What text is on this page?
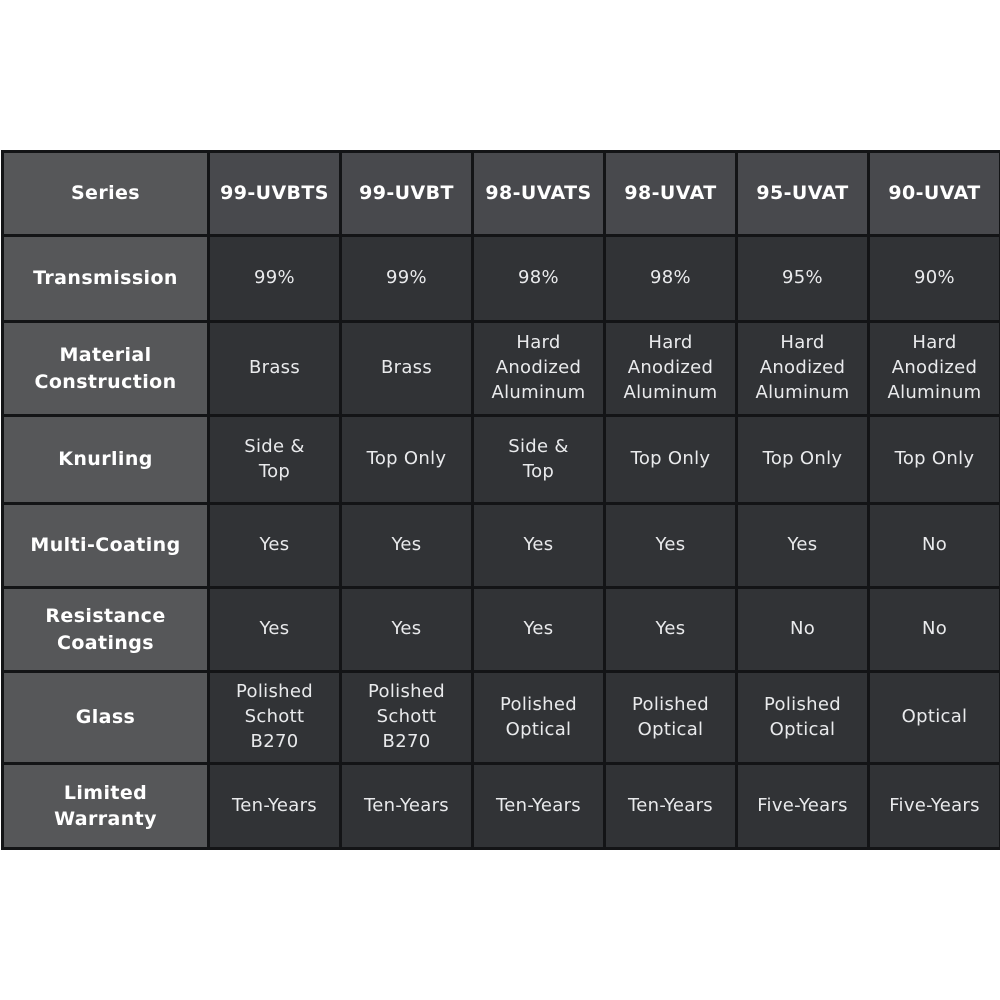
Series	99-UVBTS	99-UVBT	98-UVATS	98-UVAT	95-UVAT	90-UVAT
Transmission	99%	99%	98%	98%	95%	90%
Material Construction	Brass	Brass	Hard Anodized Aluminum	Hard Anodized Aluminum	Hard Anodized Aluminum	Hard Anodized Aluminum
Knurling	Side & Top	Top Only	Side & Top	Top Only	Top Only	Top Only
Multi-Coating	Yes	Yes	Yes	Yes	Yes	No
Resistance Coatings	Yes	Yes	Yes	Yes	No	No
Glass	Polished Schott B270	Polished Schott B270	Polished Optical	Polished Optical	Polished Optical	Optical
Limited Warranty	Ten-Years	Ten-Years	Ten-Years	Ten-Years	Five-Years	Five-Years
